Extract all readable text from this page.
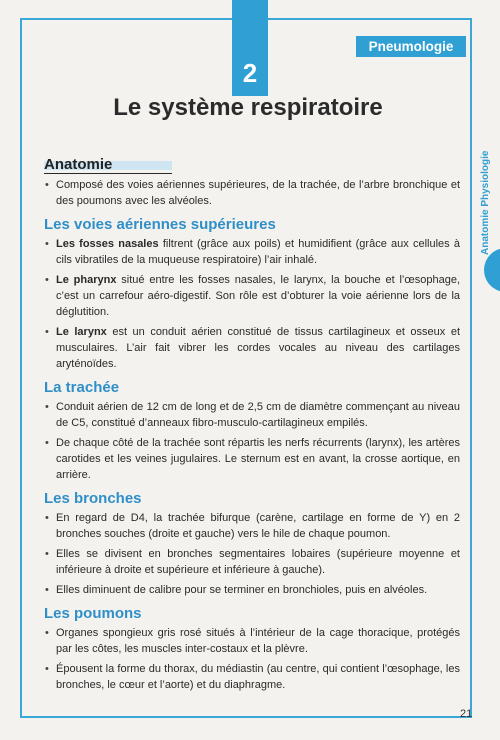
2
Pneumologie
Anatomie Physiologie
Le système respiratoire
Anatomie
• Composé des voies aériennes supérieures, de la trachée, de l’arbre bronchique et des poumons avec les alvéoles.
Les voies aériennes supérieures
• Les fosses nasales filtrent (grâce aux poils) et humidifient (grâce aux cellules à cils vibratiles de la muqueuse respiratoire) l’air inhalé.
• Le pharynx situé entre les fosses nasales, le larynx, la bouche et l’œsophage, c’est un carrefour aéro-digestif. Son rôle est d’obturer la voie aérienne lors de la déglutition.
• Le larynx est un conduit aérien constitué de tissus cartilagineux et osseux et musculaires. L’air fait vibrer les cordes vocales au niveau des cartilages aryténoïdes.
La trachée
• Conduit aérien de 12 cm de long et de 2,5 cm de diamètre commençant au niveau de C5, constitué d’anneaux fibro-musculo-cartilagineux empilés.
• De chaque côté de la trachée sont répartis les nerfs récurrents (larynx), les artères carotides et les veines jugulaires. Le sternum est en avant, la crosse aortique, en arrière.
Les bronches
• En regard de D4, la trachée bifurque (carène, cartilage en forme de Y) en 2 bronches souches (droite et gauche) vers le hile de chaque poumon.
• Elles se divisent en bronches segmentaires lobaires (supérieure moyenne et inférieure à droite et supérieure et inférieure à gauche).
• Elles diminuent de calibre pour se terminer en bronchioles, puis en alvéoles.
Les poumons
• Organes spongieux gris rosé situés à l’intérieur de la cage thoracique, protégés par les côtes, les muscles inter-costaux et la plèvre.
• Épousent la forme du thorax, du médiastin (au centre, qui contient l’œsophage, les bronches, le cœur et l’aorte) et du diaphragme.
21
